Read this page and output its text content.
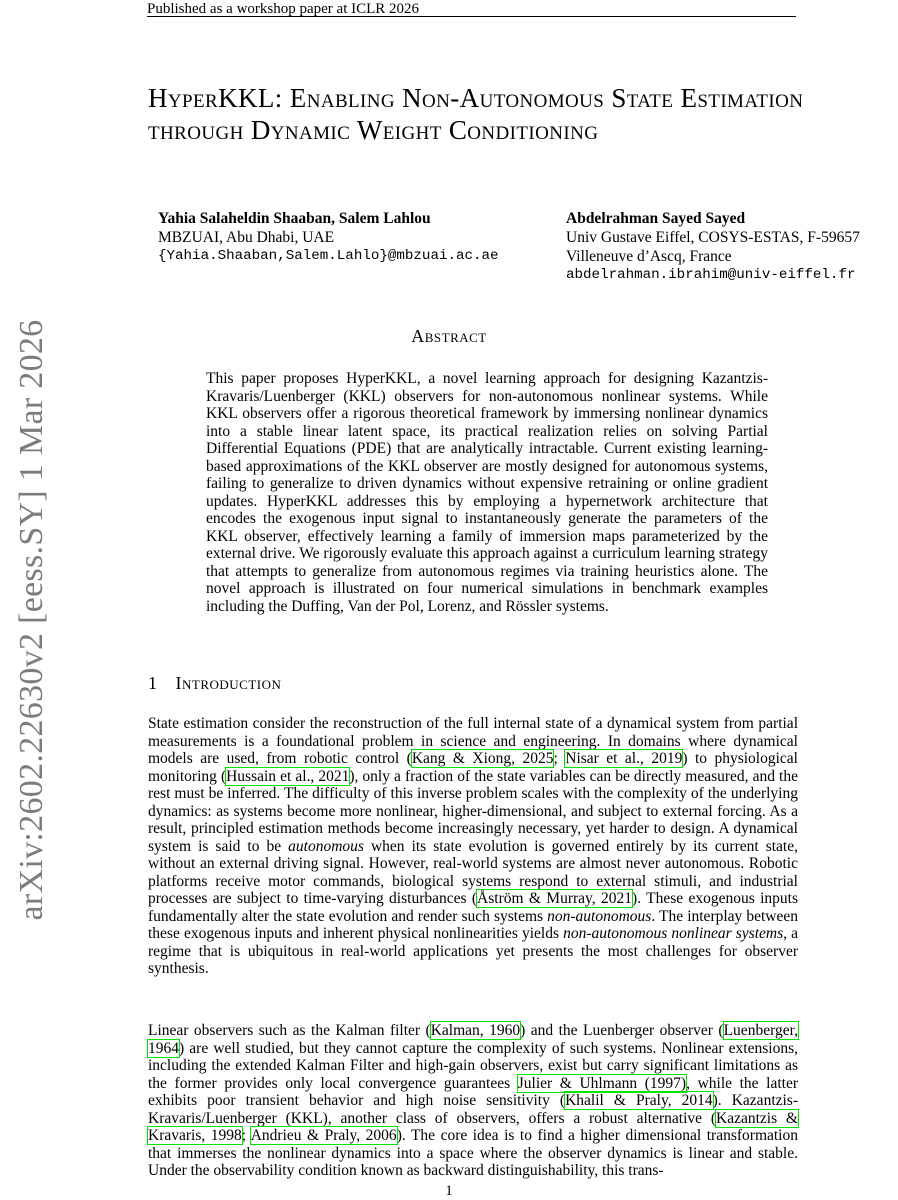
Published as a workshop paper at ICLR 2026
arXiv:2602.22630v2 [eess.SY] 1 Mar 2026
HyperKKL: Enabling Non-Autonomous State Estimation through Dynamic Weight Conditioning
Yahia Salaheldin Shaaban, Salem Lahlou
MBZUAI, Abu Dhabi, UAE
{Yahia.Shaaban,Salem.Lahlo}@mbzuai.ac.ae
Abdelrahman Sayed Sayed
Univ Gustave Eiffel, COSYS-ESTAS, F-59657
Villeneuve d’Ascq, France
abdelrahman.ibrahim@univ-eiffel.fr
Abstract

This paper proposes HyperKKL, a novel learning approach for designing Kazantzis-Kravaris/Luenberger (KKL) observers for non-autonomous nonlinear systems. While KKL observers offer a rigorous theoretical framework by immersing nonlinear dynamics into a stable linear latent space, its practical realization relies on solving Partial Differential Equations (PDE) that are analytically intractable. Current existing learning-based approximations of the KKL observer are mostly designed for autonomous systems, failing to generalize to driven dynamics without expensive retraining or online gradient updates. HyperKKL addresses this by employing a hypernetwork architecture that encodes the exogenous input signal to instantaneously generate the parameters of the KKL observer, effectively learning a family of immersion maps parameterized by the external drive. We rigorously evaluate this approach against a curriculum learning strategy that attempts to generalize from autonomous regimes via training heuristics alone. The novel approach is illustrated on four numerical simulations in benchmark examples including the Duffing, Van der Pol, Lorenz, and Rössler systems.

1 Introduction

State estimation consider the reconstruction of the full internal state of a dynamical system from partial measurements is a foundational problem in science and engineering. In domains where dynamical models are used, from robotic control (Kang & Xiong, 2025; Nisar et al., 2019) to physiological monitoring (Hussain et al., 2021), only a fraction of the state variables can be directly measured, and the rest must be inferred. The difficulty of this inverse problem scales with the complexity of the underlying dynamics: as systems become more nonlinear, higher-dimensional, and subject to external forcing. As a result, principled estimation methods become increasingly necessary, yet harder to design. A dynamical system is said to be autonomous when its state evolution is governed entirely by its current state, without an external driving signal. However, real-world systems are almost never autonomous. Robotic platforms receive motor commands, biological systems respond to external stimuli, and industrial processes are subject to time-varying disturbances (Åström & Murray, 2021). These exogenous inputs fundamentally alter the state evolution and render such systems non-autonomous. The interplay between these exogenous inputs and inherent physical nonlinearities yields non-autonomous nonlinear systems, a regime that is ubiquitous in real-world applications yet presents the most challenges for observer synthesis.

Linear observers such as the Kalman filter (Kalman, 1960) and the Luenberger observer (Luenberger, 1964) are well studied, but they cannot capture the complexity of such systems. Nonlinear extensions, including the extended Kalman Filter and high-gain observers, exist but carry significant limitations as the former provides only local convergence guarantees Julier & Uhlmann (1997), while the latter exhibits poor transient behavior and high noise sensitivity (Khalil & Praly, 2014). Kazantzis-Kravaris/Luenberger (KKL), another class of observers, offers a robust alternative (Kazantzis & Kravaris, 1998; Andrieu & Praly, 2006). The core idea is to find a higher dimensional transformation that immerses the nonlinear dynamics into a space where the observer dynamics is linear and stable. Under the observability condition known as backward distinguishability, this trans-

1
